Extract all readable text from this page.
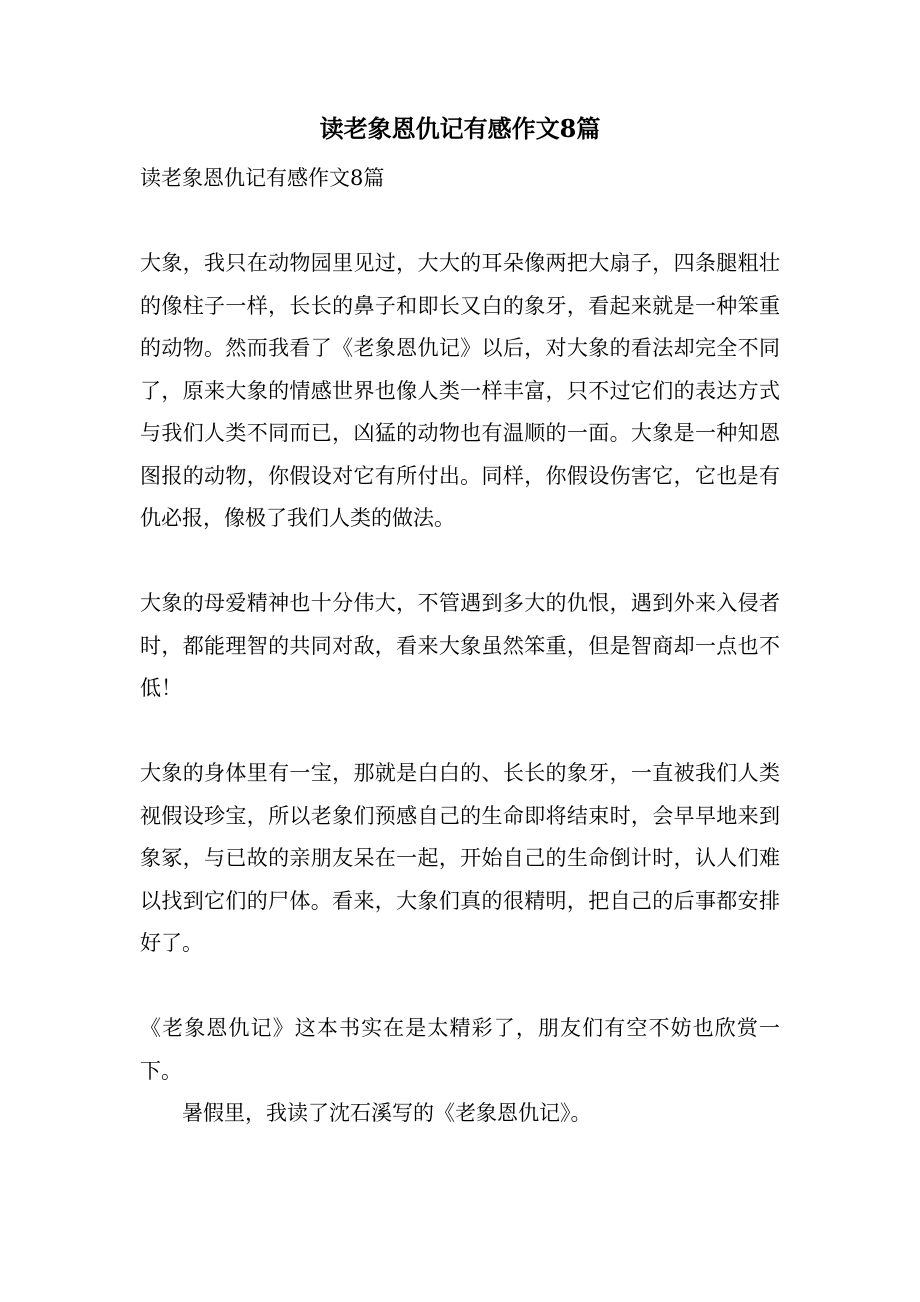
读老象恩仇记有感作文8篇

读老象恩仇记有感作文8篇

大象，我只在动物园里见过，大大的耳朵像两把大扇子，四条腿粗壮的像柱子一样，长长的鼻子和即长又白的象牙，看起来就是一种笨重的动物。然而我看了《老象恩仇记》以后，对大象的看法却完全不同了，原来大象的情感世界也像人类一样丰富，只不过它们的表达方式与我们人类不同而已，凶猛的动物也有温顺的一面。大象是一种知恩图报的动物，你假设对它有所付出。同样，你假设伤害它，它也是有仇必报，像极了我们人类的做法。

大象的母爱精神也十分伟大，不管遇到多大的仇恨，遇到外来入侵者时，都能理智的共同对敌，看来大象虽然笨重，但是智商却一点也不低！

大象的身体里有一宝，那就是白白的、长长的象牙，一直被我们人类视假设珍宝，所以老象们预感自己的生命即将结束时，会早早地来到象冢，与已故的亲朋友呆在一起，开始自己的生命倒计时，认人们难以找到它们的尸体。看来，大象们真的很精明，把自己的后事都安排好了。

《老象恩仇记》这本书实在是太精彩了，朋友们有空不妨也欣赏一下。

暑假里，我读了沈石溪写的《老象恩仇记》。
